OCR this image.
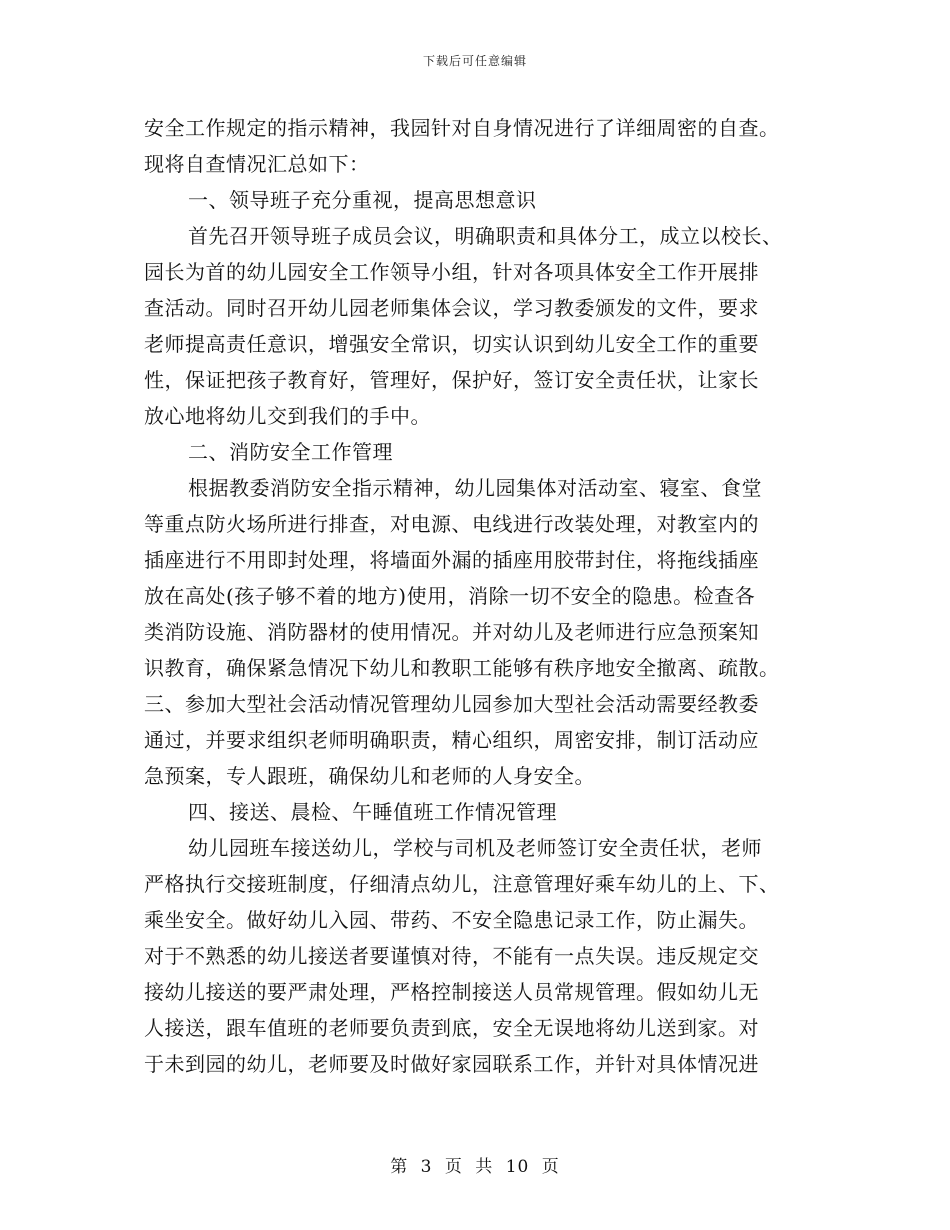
下载后可任意编辑
安全工作规定的指示精神，我园针对自身情况进行了详细周密的自查。
现将自查情况汇总如下：
一、领导班子充分重视，提高思想意识
首先召开领导班子成员会议，明确职责和具体分工，成立以校长、
园长为首的幼儿园安全工作领导小组，针对各项具体安全工作开展排
查活动。同时召开幼儿园老师集体会议，学习教委颁发的文件，要求
老师提高责任意识，增强安全常识，切实认识到幼儿安全工作的重要
性，保证把孩子教育好，管理好，保护好，签订安全责任状，让家长
放心地将幼儿交到我们的手中。
二、消防安全工作管理
根据教委消防安全指示精神，幼儿园集体对活动室、寝室、食堂
等重点防火场所进行排查，对电源、电线进行改装处理，对教室内的
插座进行不用即封处理，将墙面外漏的插座用胶带封住，将拖线插座
放在高处(孩子够不着的地方)使用，消除一切不安全的隐患。检查各
类消防设施、消防器材的使用情况。并对幼儿及老师进行应急预案知
识教育，确保紧急情况下幼儿和教职工能够有秩序地安全撤离、疏散。
三、参加大型社会活动情况管理幼儿园参加大型社会活动需要经教委
通过，并要求组织老师明确职责，精心组织，周密安排，制订活动应
急预案，专人跟班，确保幼儿和老师的人身安全。
四、接送、晨检、午睡值班工作情况管理
幼儿园班车接送幼儿，学校与司机及老师签订安全责任状，老师
严格执行交接班制度，仔细清点幼儿，注意管理好乘车幼儿的上、下、
乘坐安全。做好幼儿入园、带药、不安全隐患记录工作，防止漏失。
对于不熟悉的幼儿接送者要谨慎对待，不能有一点失误。违反规定交
接幼儿接送的要严肃处理，严格控制接送人员常规管理。假如幼儿无
人接送，跟车值班的老师要负责到底，安全无误地将幼儿送到家。对
于未到园的幼儿，老师要及时做好家园联系工作，并针对具体情况进
第 3 页 共 10 页
